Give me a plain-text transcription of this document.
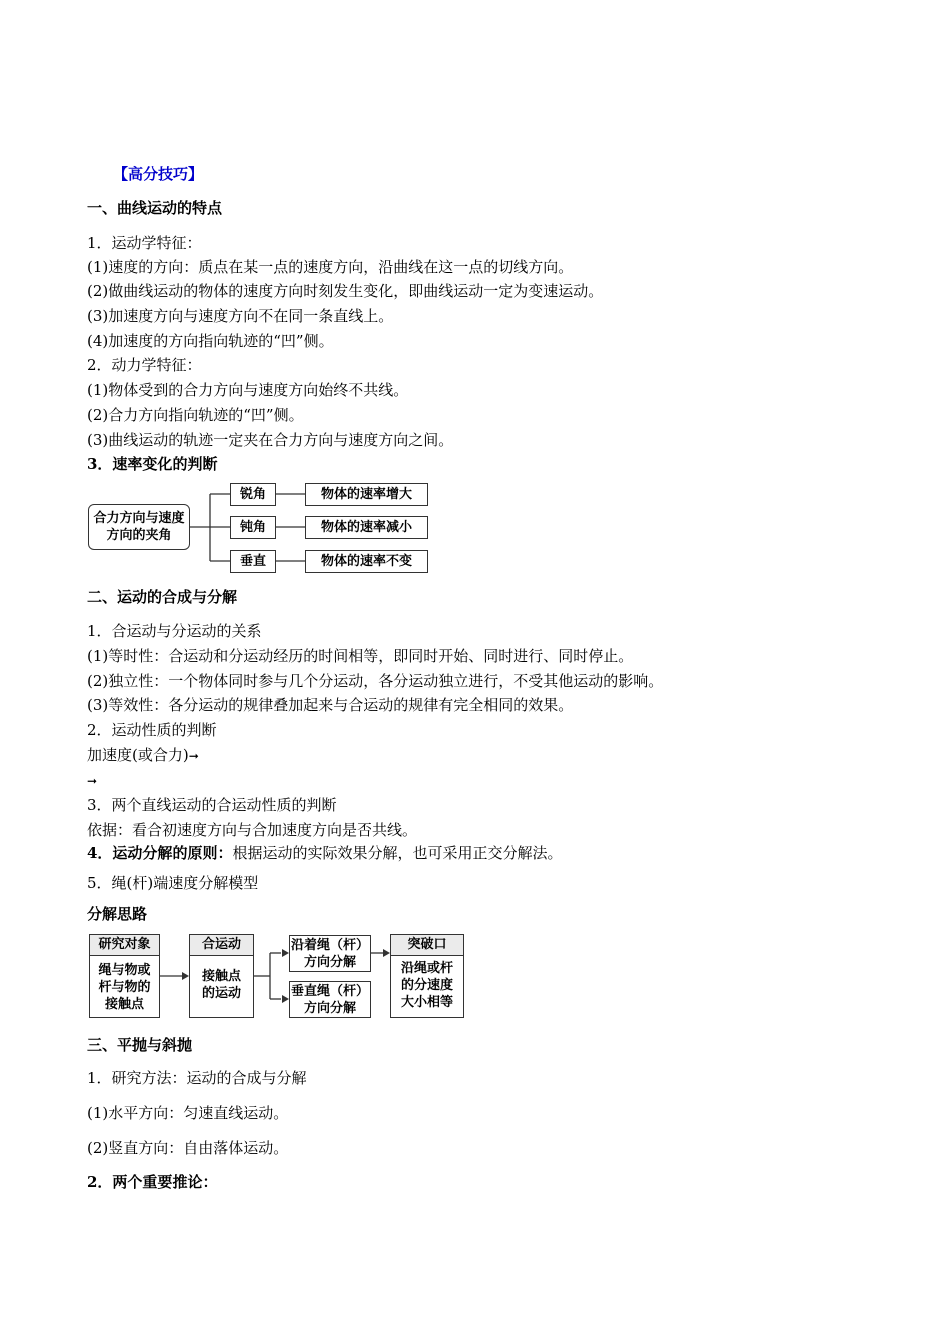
【高分技巧】
一、曲线运动的特点
1．运动学特征：
(1)速度的方向：质点在某一点的速度方向，沿曲线在这一点的切线方向。
(2)做曲线运动的物体的速度方向时刻发生变化，即曲线运动一定为变速运动。
(3)加速度方向与速度方向不在同一条直线上。
(4)加速度的方向指向轨迹的“凹”侧。
2．动力学特征：
(1)物体受到的合力方向与速度方向始终不共线。
(2)合力方向指向轨迹的“凹”侧。
(3)曲线运动的轨迹一定夹在合力方向与速度方向之间。
3．速率变化的判断
合力方向与速度方向的夹角
锐角
钝角
垂直
物体的速率增大
物体的速率减小
物体的速率不变
二、运动的合成与分解
1．合运动与分运动的关系
(1)等时性：合运动和分运动经历的时间相等，即同时开始、同时进行、同时停止。
(2)独立性：一个物体同时参与几个分运动，各分运动独立进行，不受其他运动的影响。
(3)等效性：各分运动的规律叠加起来与合运动的规律有完全相同的效果。
2．运动性质的判断
加速度(或合力)➞
➞
3．两个直线运动的合运动性质的判断
依据：看合初速度方向与合加速度方向是否共线。
4．运动分解的原则：根据运动的实际效果分解，也可采用正交分解法。
5．绳(杆)端速度分解模型
分解思路
研究对象
绳与物或杆与物的接触点
合运动
接触点的运动
沿着绳（杆）方向分解
垂直绳（杆）方向分解
突破口
沿绳或杆的分速度大小相等
三、平抛与斜抛
1．研究方法：运动的合成与分解
(1)水平方向：匀速直线运动。
(2)竖直方向：自由落体运动。
2．两个重要推论：
